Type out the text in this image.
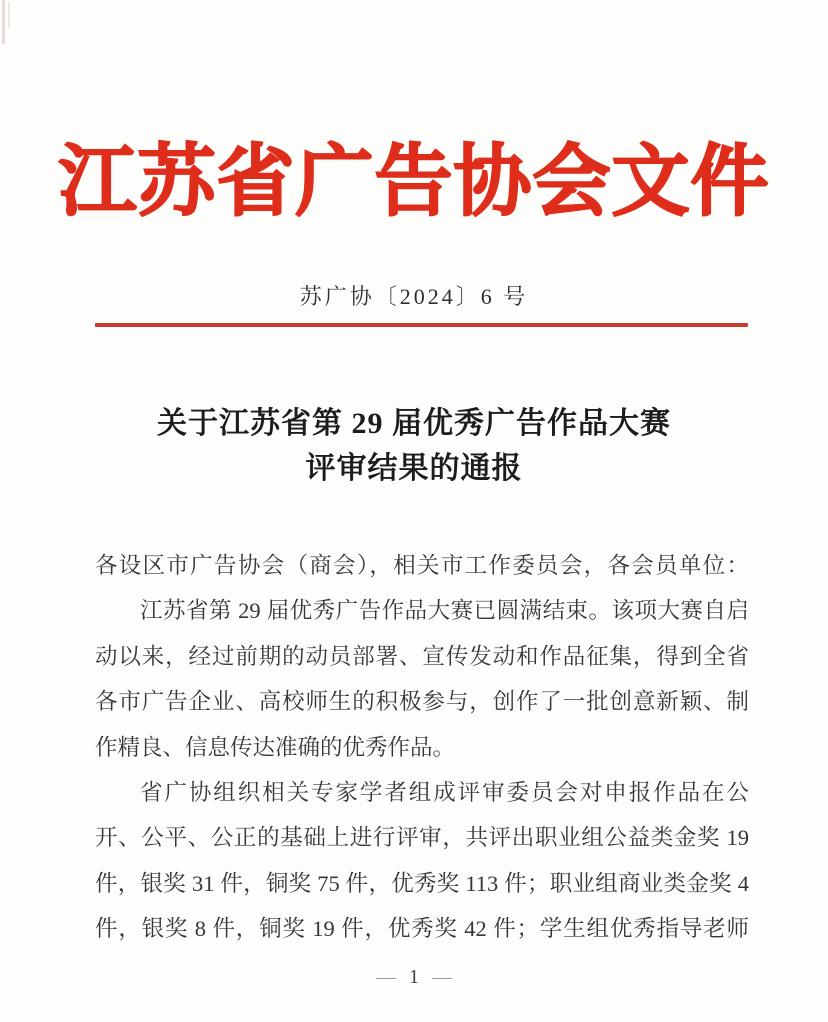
江苏省广告协会文件
苏广协〔2024〕6 号
关于江苏省第 29 届优秀广告作品大赛
评审结果的通报
各设区市广告协会（商会），相关市工作委员会，各会员单位：
江苏省第 29 届优秀广告作品大赛已圆满结束。该项大赛自启
动以来，经过前期的动员部署、宣传发动和作品征集，得到全省
各市广告企业、高校师生的积极参与，创作了一批创意新颖、制
作精良、信息传达准确的优秀作品。
省广协组织相关专家学者组成评审委员会对申报作品在公
开、公平、公正的基础上进行评审，共评出职业组公益类金奖 19
件，银奖 31 件，铜奖 75 件，优秀奖 113 件；职业组商业类金奖 4
件，银奖 8 件，铜奖 19 件，优秀奖 42 件；学生组优秀指导老师
— 1 —
